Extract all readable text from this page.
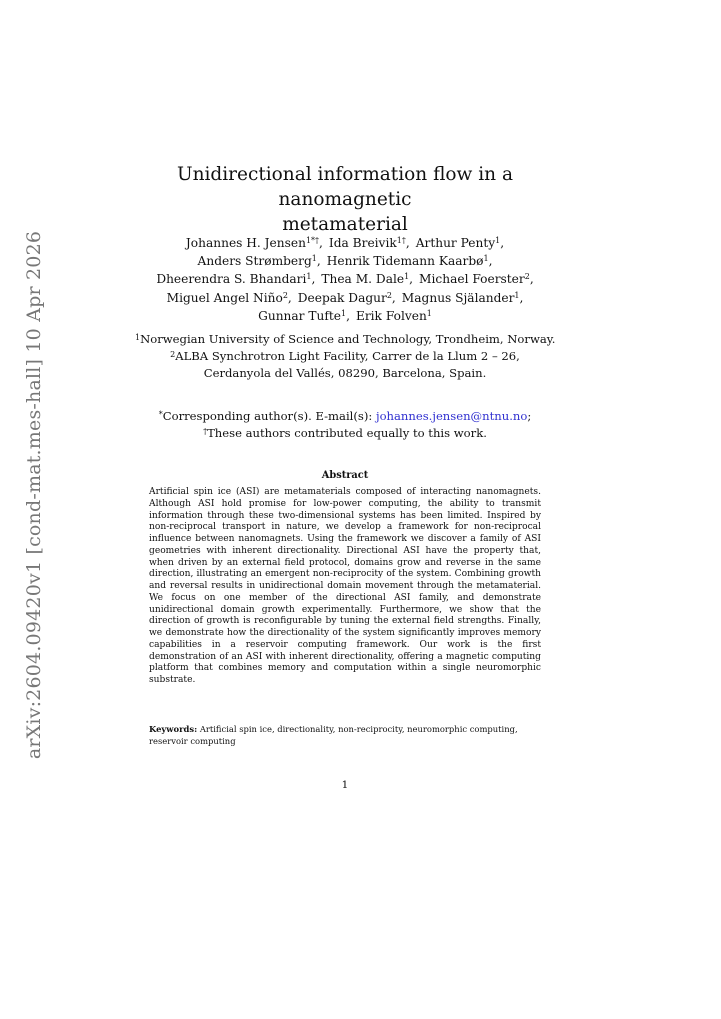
arXiv:2604.09420v1 [cond-mat.mes-hall] 10 Apr 2026
Unidirectional information flow in a nanomagnetic
metamaterial
Johannes H. Jensen$^{1*\dagger}$, Ida Breivik$^{1\dagger}$, Arthur Penty$^1$,
Anders Strømberg$^1$, Henrik Tidemann Kaarbø$^1$,
Dheerendra S. Bhandari$^1$, Thea M. Dale$^1$, Michael Foerster$^2$,
Miguel Angel Niño$^2$, Deepak Dagur$^2$, Magnus Själander$^1$,
Gunnar Tufte$^1$, Erik Folven$^1$
$^1$Norwegian University of Science and Technology, Trondheim, Norway.
$^2$ALBA Synchrotron Light Facility, Carrer de la Llum 2 – 26,
Cerdanyola del Vallés, 08290, Barcelona, Spain.
*Corresponding author(s). E-mail(s): johannes.jensen@ntnu.no;
†These authors contributed equally to this work.
Abstract

Artificial spin ice (ASI) are metamaterials composed of interacting nanomagnets. Although ASI hold promise for low-power computing, the ability to transmit information through these two-dimensional systems has been limited. Inspired by non-reciprocal transport in nature, we develop a framework for non-reciprocal influence between nanomagnets. Using the framework we discover a family of ASI geometries with inherent directionality. Directional ASI have the property that, when driven by an external field protocol, domains grow and reverse in the same direction, illustrating an emergent non-reciprocity of the system. Combining growth and reversal results in unidirectional domain movement through the metamaterial. We focus on one member of the directional ASI family, and demonstrate unidirectional domain growth experimentally. Furthermore, we show that the direction of growth is reconfigurable by tuning the external field strengths. Finally, we demonstrate how the directionality of the system significantly improves memory capabilities in a reservoir computing framework. Our work is the first demonstration of an ASI with inherent directionality, offering a magnetic computing platform that combines memory and computation within a single neuromorphic substrate.

Keywords: Artificial spin ice, directionality, non-reciprocity, neuromorphic computing, reservoir computing

1
